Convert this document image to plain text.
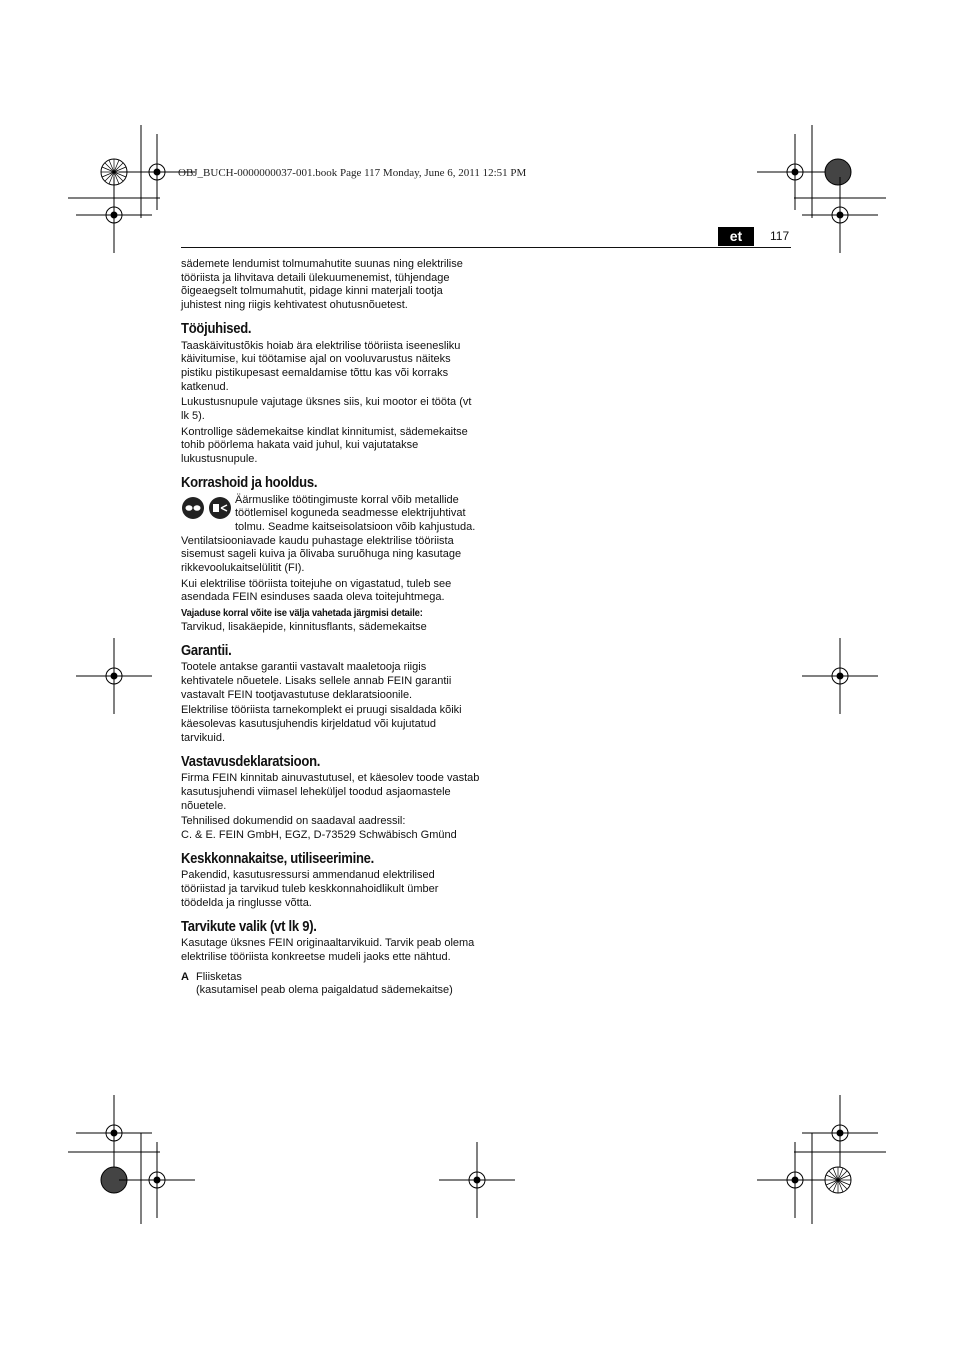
OBJ_BUCH-0000000037-001.book Page 117 Monday, June 6, 2011 12:51 PM
et	117

sädemete lendumist tolmumahutite suunas ning elektrilise tööriista ja lihvitava detaili ülekuumenemist, tühjendage õigeaegselt tolmumahutit, pidage kinni materjali tootja juhistest ning riigis kehtivatest ohutusnõuetest.

Tööjuhised.

Taaskäivitustõkis hoiab ära elektrilise tööriista iseenesliku käivitumise, kui töötamise ajal on vooluvarustus näiteks pistiku pistikupesast eemaldamise tõttu kas või korraks katkenud.

Lukustusnupule vajutage üksnes siis, kui mootor ei tööta (vt lk 5).

Kontrollige sädemekaitse kindlat kinnitumist, sädemekaitse tohib pöörlema hakata vaid juhul, kui vajutatakse lukustusnupule.

Korrashoid ja hooldus.

Äärmuslike töötingimuste korral võib metallide töötlemisel koguneda seadmesse elektrijuhtivat tolmu. Seadme kaitseisolatsioon võib kahjustuda. Ventilatsiooniavade kaudu puhastage elektrilise tööriista sisemust sageli kuiva ja õlivaba suruõhuga ning kasutage rikkevoolukaitselülitit (FI).

Kui elektrilise tööriista toitejuhe on vigastatud, tuleb see asendada FEIN esinduses saada oleva toitejuhtmega.

Vajaduse korral võite ise välja vahetada järgmisi detaile:

Tarvikud, lisakäepide, kinnitusflants, sädemekaitse

Garantii.

Tootele antakse garantii vastavalt maaletooja riigis kehtivatele nõuetele. Lisaks sellele annab FEIN garantii vastavalt FEIN tootjavastutuse deklaratsioonile.

Elektrilise tööriista tarnekomplekt ei pruugi sisaldada kõiki käesolevas kasutusjuhendis kirjeldatud või kujutatud tarvikuid.

Vastavusdeklaratsioon.

Firma FEIN kinnitab ainuvastutusel, et käesolev toode vastab kasutusjuhendi viimasel leheküljel toodud asjaomastele nõuetele.

Tehnilised dokumendid on saadaval aadressil:

C. & E. FEIN GmbH, EGZ, D-73529 Schwäbisch Gmünd

Keskkonnakaitse, utiliseerimine.

Pakendid, kasutusressursi ammendanud elektrilised tööriistad ja tarvikud tuleb keskkonnahoidlikult ümber töödelda ja ringlusse võtta.

Tarvikute valik (vt lk 9).

Kasutage üksnes FEIN originaaltarvikuid. Tarvik peab olema elektrilise tööriista konkreetse mudeli jaoks ette nähtud.

A Fliisketas
(kasutamisel peab olema paigaldatud sädemekaitse)
